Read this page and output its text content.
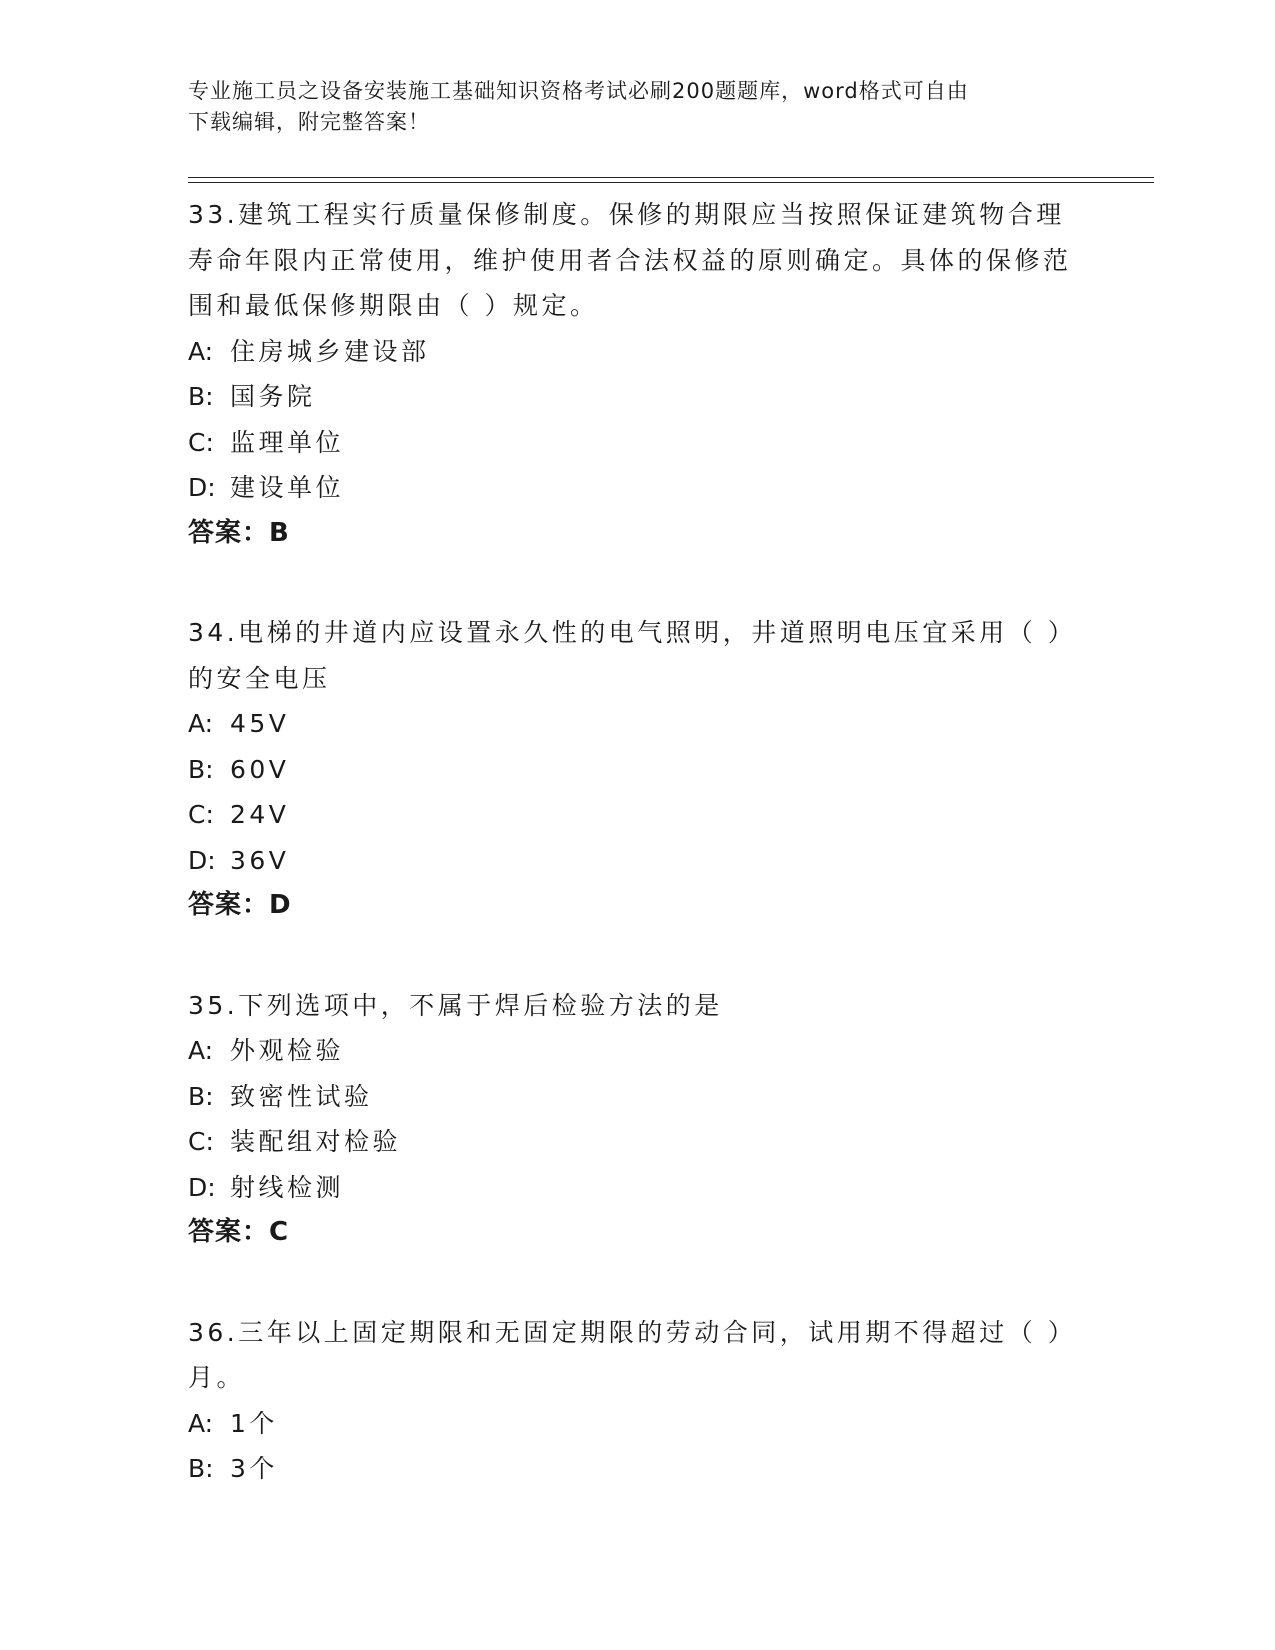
专业施工员之设备安装施工基础知识资格考试必刷200题题库，word格式可自由
下载编辑，附完整答案！
33.建筑工程实行质量保修制度。保修的期限应当按照保证建筑物合理寿命年限内正常使用，维护使用者合法权益的原则确定。具体的保修范围和最低保修期限由（ ）规定。
A: 住房城乡建设部
B: 国务院
C: 监理单位
D: 建设单位
答案：B
34.电梯的井道内应设置永久性的电气照明，井道照明电压宜采用（ ）的安全电压
A: 45V
B: 60V
C: 24V
D: 36V
答案：D
35.下列选项中，不属于焊后检验方法的是
A: 外观检验
B: 致密性试验
C: 装配组对检验
D: 射线检测
答案：C
36.三年以上固定期限和无固定期限的劳动合同，试用期不得超过（ ）月。
A: 1个
B: 3个
